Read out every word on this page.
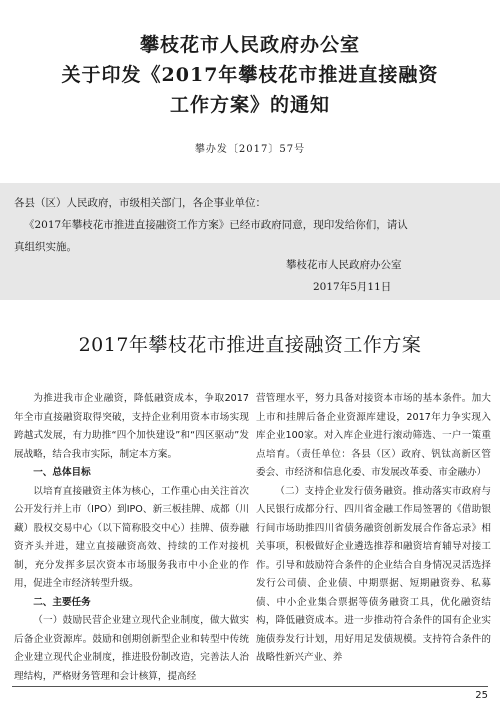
攀枝花市人民政府办公室
关于印发《2017年攀枝花市推进直接融资
工作方案》的通知
攀办发〔2017〕57号
各县（区）人民政府，市级相关部门，各企事业单位：
《2017年攀枝花市推进直接融资工作方案》已经市政府同意，现印发给你们，请认
真组织实施。
攀枝花市人民政府办公室
2017年5月11日
2017年攀枝花市推进直接融资工作方案

为推进我市企业融资，降低融资成本，争取2017年全市直接融资取得突破，支持企业利用资本市场实现跨越式发展，有力助推“四个加快建设”和“四区驱动”发展战略，结合我市实际，制定本方案。

一、总体目标

以培育直接融资主体为核心，工作重心由关注首次公开发行并上市（IPO）到IPO、新三板挂牌、成都（川藏）股权交易中心（以下简称股交中心）挂牌、债券融资齐头并进，建立直接融资高效、持续的工作对接机制，充分发挥多层次资本市场服务我市中小企业的作用，促进全市经济转型升级。

二、主要任务

（一）鼓励民营企业建立现代企业制度，做大做实后备企业资源库。鼓励和创期创新型企业和转型中传统企业建立现代企业制度，推进股份制改造，完善法人治理结构，严格财务管理和会计核算，提高经

营管理水平，努力具备对接资本市场的基本条件。加大上市和挂牌后备企业资源库建设，2017年力争实现入库企业100家。对入库企业进行滚动筛选、一户一策重点培育。（责任单位：各县（区）政府、钒钛高新区管委会、市经济和信息化委、市发展改革委、市金融办）

（二）支持企业发行债务融资。推动落实市政府与人民银行成都分行、四川省金融工作局签署的《借助银行间市场助推四川省债务融资创新发展合作备忘录》相关事项，积极做好企业遴选推荐和融资培育辅导对接工作。引导和鼓励符合条件的企业结合自身情况灵活选择发行公司债、企业债、中期票据、短期融资券、私募债、中小企业集合票据等债务融资工具，优化融资结构，降低融资成本。进一步推动符合条件的国有企业实施债券发行计划，用好用足发债规模。支持符合条件的战略性新兴产业、养

25
